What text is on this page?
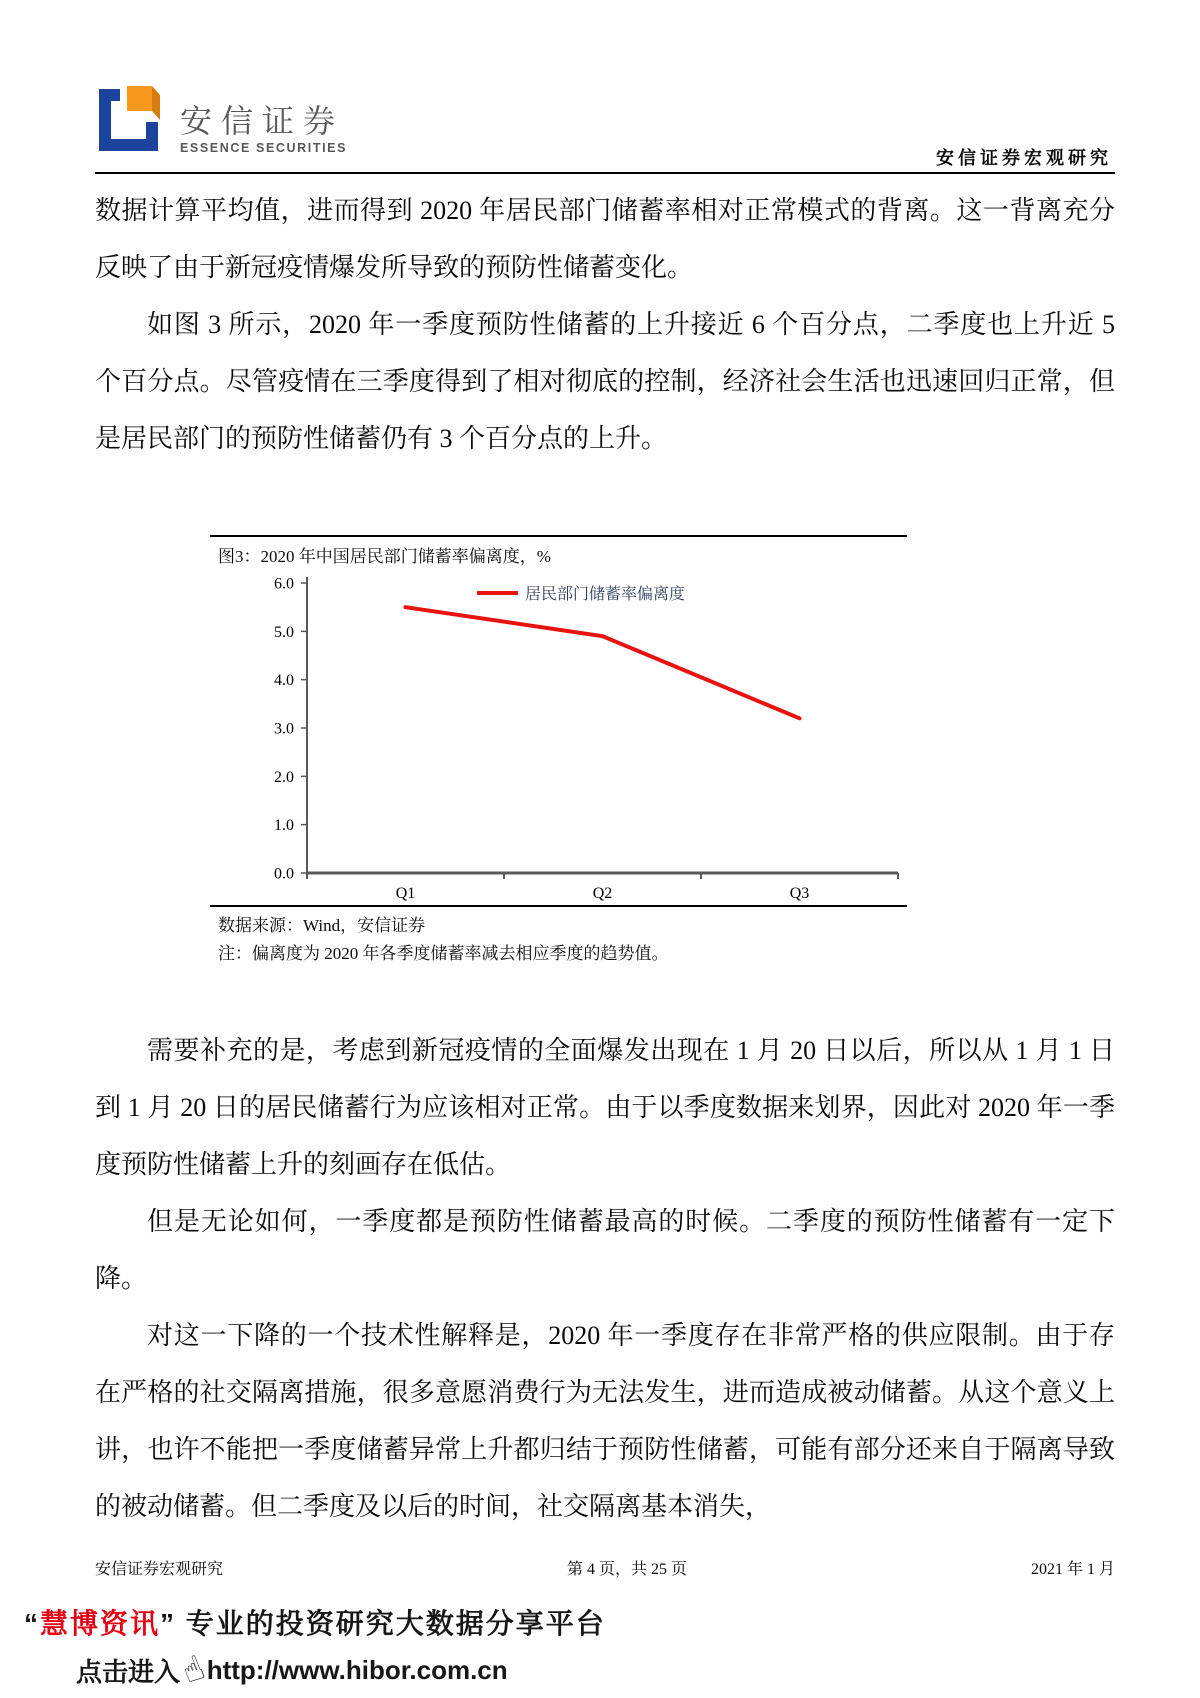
安信证券
ESSENCE SECURITIES	安信证券宏观研究

数据计算平均值，进而得到 2020 年居民部门储蓄率相对正常模式的背离。这一背离充分反映了由于新冠疫情爆发所导致的预防性储蓄变化。

如图 3 所示，2020 年一季度预防性储蓄的上升接近 6 个百分点，二季度也上升近 5 个百分点。尽管疫情在三季度得到了相对彻底的控制，经济社会生活也迅速回归正常，但是居民部门的预防性储蓄仍有 3 个百分点的上升。

图3：2020 年中国居民部门储蓄率偏离度，%
0.0
1.0
2.0
3.0
4.0
5.0
6.0
Q1	Q2	Q3
居民部门储蓄率偏离度
数据来源：Wind，安信证券
注：偏离度为 2020 年各季度储蓄率减去相应季度的趋势值。

需要补充的是，考虑到新冠疫情的全面爆发出现在 1 月 20 日以后，所以从 1 月 1 日到 1 月 20 日的居民储蓄行为应该相对正常。由于以季度数据来划界，因此对 2020 年一季度预防性储蓄上升的刻画存在低估。

但是无论如何，一季度都是预防性储蓄最高的时候。二季度的预防性储蓄有一定下降。

对这一下降的一个技术性解释是，2020 年一季度存在非常严格的供应限制。由于存在严格的社交隔离措施，很多意愿消费行为无法发生，进而造成被动储蓄。从这个意义上讲，也许不能把一季度储蓄异常上升都归结于预防性储蓄，可能有部分还来自于隔离导致的被动储蓄。但二季度及以后的时间，社交隔离基本消失，

安信证券宏观研究	第 4 页，共 25 页	2021 年 1 月
“慧博资讯” 专业的投资研究大数据分享平台
点击进入
☝
http://www.hibor.com.cn
